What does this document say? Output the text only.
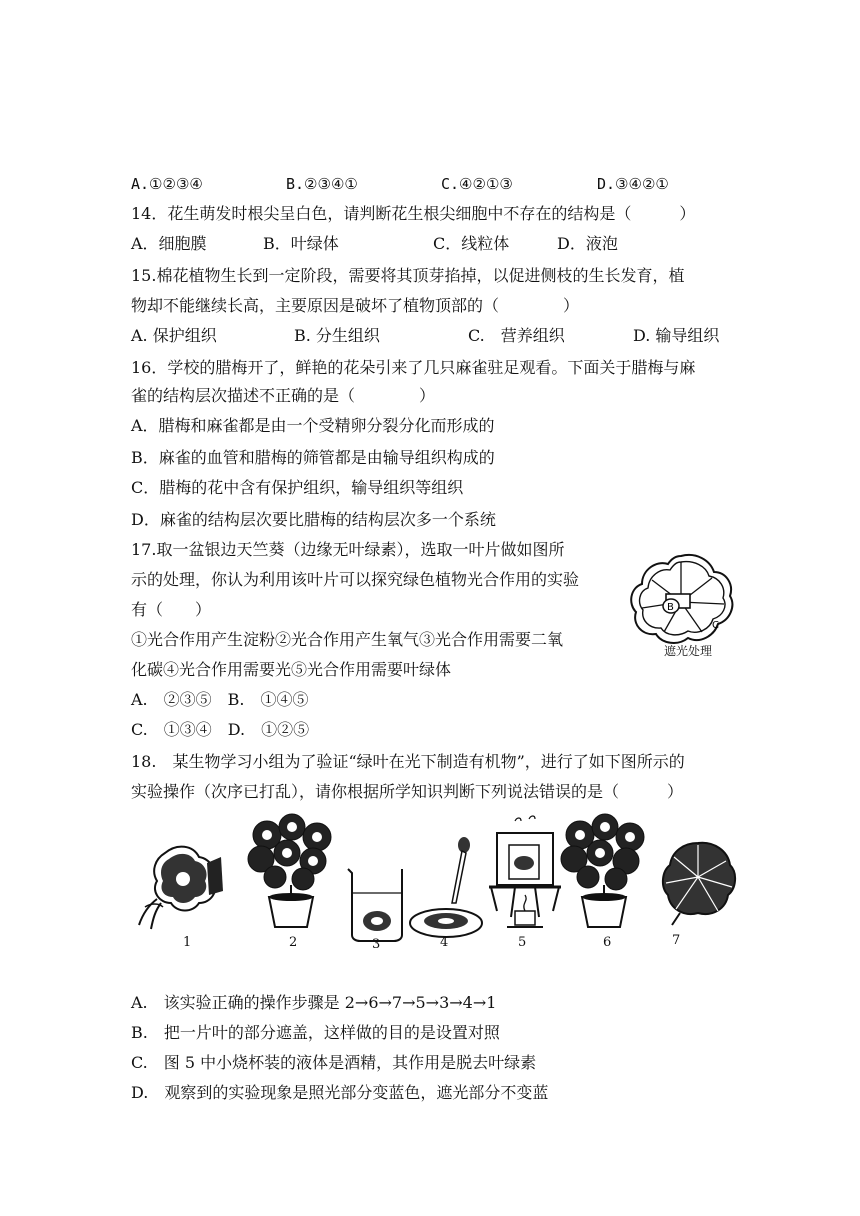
A.①②③④	B.②③④①	C.④②①③	D.③④②①
14．花生萌发时根尖呈白色，请判断花生根尖细胞中不存在的结构是（　　　）
A．细胞膜	B．叶绿体	C．线粒体	D．液泡
15.棉花植物生长到一定阶段，需要将其顶芽掐掉，以促进侧枝的生长发育，植
物却不能继续长高，主要原因是破坏了植物顶部的（　　　　）
A. 保护组织	B. 分生组织	C.　营养组织	D. 输导组织
16．学校的腊梅开了，鲜艳的花朵引来了几只麻雀驻足观看。下面关于腊梅与麻
雀的结构层次描述不正确的是（　　　　）
A．腊梅和麻雀都是由一个受精卵分裂分化而形成的
B．麻雀的血管和腊梅的筛管都是由输导组织构成的
C．腊梅的花中含有保护组织，输导组织等组织
D．麻雀的结构层次要比腊梅的结构层次多一个系统
17.取一盆银边天竺葵（边缘无叶绿素），选取一叶片做如图所
示的处理，你认为利用该叶片可以探究绿色植物光合作用的实验
有（　　）
①光合作用产生淀粉②光合作用产生氧气③光合作用需要二氧
化碳④光合作用需要光⑤光合作用需要叶绿体
A.　②③⑤　B.　①④⑤
C.　①③④　D.　①②⑤
B
C
遮光处理
18.　某生物学习小组为了验证“绿叶在光下制造有机物”，进行了如下图所示的
实验操作（次序已打乱），请你根据所学知识判断下列说法错误的是（　　　）
1	2	3	4	5	6	7
A.　该实验正确的操作步骤是 2→6→7→5→3→4→1
B.　把一片叶的部分遮盖，这样做的目的是设置对照
C.　图 5 中小烧杯装的液体是酒精，其作用是脱去叶绿素
D.　观察到的实验现象是照光部分变蓝色，遮光部分不变蓝
